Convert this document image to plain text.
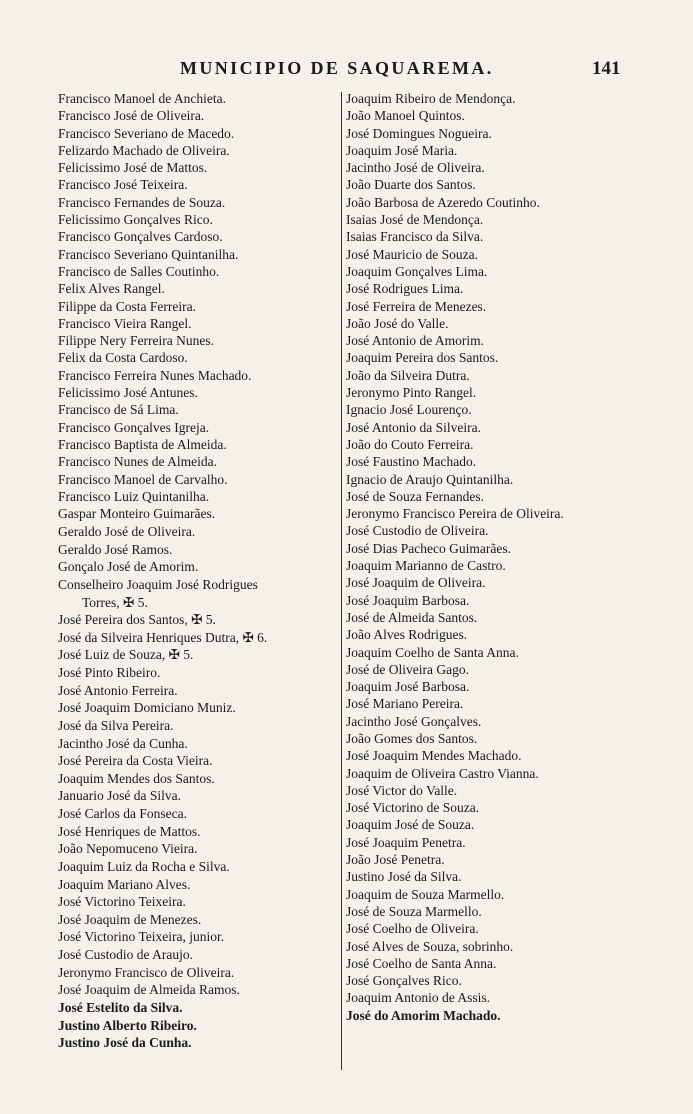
MUNICIPIO DE SAQUAREMA.	141
Francisco Manoel de Anchieta.
Francisco José de Oliveira.
Francisco Severiano de Macedo.
Felizardo Machado de Oliveira.
Felicissimo José de Mattos.
Francisco José Teixeira.
Francisco Fernandes de Souza.
Felicissimo Gonçalves Rico.
Francisco Gonçalves Cardoso.
Francisco Severiano Quintanilha.
Francisco de Salles Coutinho.
Felix Alves Rangel.
Filippe da Costa Ferreira.
Francisco Vieira Rangel.
Filippe Nery Ferreira Nunes.
Felix da Costa Cardoso.
Francisco Ferreira Nunes Machado.
Felicissimo José Antunes.
Francisco de Sá Lima.
Francisco Gonçalves Igreja.
Francisco Baptista de Almeida.
Francisco Nunes de Almeida.
Francisco Manoel de Carvalho.
Francisco Luiz Quintanilha.
Gaspar Monteiro Guimarães.
Geraldo José de Oliveira.
Geraldo José Ramos.
Gonçalo José de Amorim.
Conselheiro Joaquim José Rodrigues
Torres, ✠ 5.
José Pereira dos Santos, ✠ 5.
José da Silveira Henriques Dutra, ✠ 6.
José Luiz de Souza, ✠ 5.
José Pinto Ribeiro.
José Antonio Ferreira.
José Joaquim Domiciano Muniz.
José da Silva Pereira.
Jacintho José da Cunha.
José Pereira da Costa Vieira.
Joaquim Mendes dos Santos.
Januario José da Silva.
José Carlos da Fonseca.
José Henriques de Mattos.
João Nepomuceno Vieira.
Joaquim Luiz da Rocha e Silva.
Joaquim Mariano Alves.
José Victorino Teixeira.
José Joaquim de Menezes.
José Victorino Teixeira, junior.
José Custodio de Araujo.
Jeronymo Francisco de Oliveira.
José Joaquim de Almeida Ramos.
José Estelito da Silva.
Justino Alberto Ribeiro.
Justino José da Cunha.
Joaquim Ribeiro de Mendonça.
João Manoel Quintos.
José Domingues Nogueira.
Joaquim José Maria.
Jacintho José de Oliveira.
João Duarte dos Santos.
João Barbosa de Azeredo Coutinho.
Isaias José de Mendonça.
Isaias Francisco da Silva.
José Mauricio de Souza.
Joaquim Gonçalves Lima.
José Rodrigues Lima.
José Ferreira de Menezes.
João José do Valle.
José Antonio de Amorim.
Joaquim Pereira dos Santos.
João da Silveira Dutra.
Jeronymo Pinto Rangel.
Ignacio José Lourenço.
José Antonio da Silveira.
João do Couto Ferreira.
José Faustino Machado.
Ignacio de Araujo Quintanilha.
José de Souza Fernandes.
Jeronymo Francisco Pereira de Oliveira.
José Custodio de Oliveira.
José Dias Pacheco Guimarães.
Joaquim Marianno de Castro.
José Joaquim de Oliveira.
José Joaquim Barbosa.
José de Almeida Santos.
João Alves Rodrigues.
Joaquim Coelho de Santa Anna.
José de Oliveira Gago.
Joaquim José Barbosa.
José Mariano Pereira.
Jacintho José Gonçalves.
João Gomes dos Santos.
José Joaquim Mendes Machado.
Joaquim de Oliveira Castro Vianna.
José Victor do Valle.
José Victorino de Souza.
Joaquim José de Souza.
José Joaquim Penetra.
João José Penetra.
Justino José da Silva.
Joaquim de Souza Marmello.
José de Souza Marmello.
José Coelho de Oliveira.
José Alves de Souza, sobrinho.
José Coelho de Santa Anna.
José Gonçalves Rico.
Joaquim Antonio de Assis.
José do Amorim Machado.
